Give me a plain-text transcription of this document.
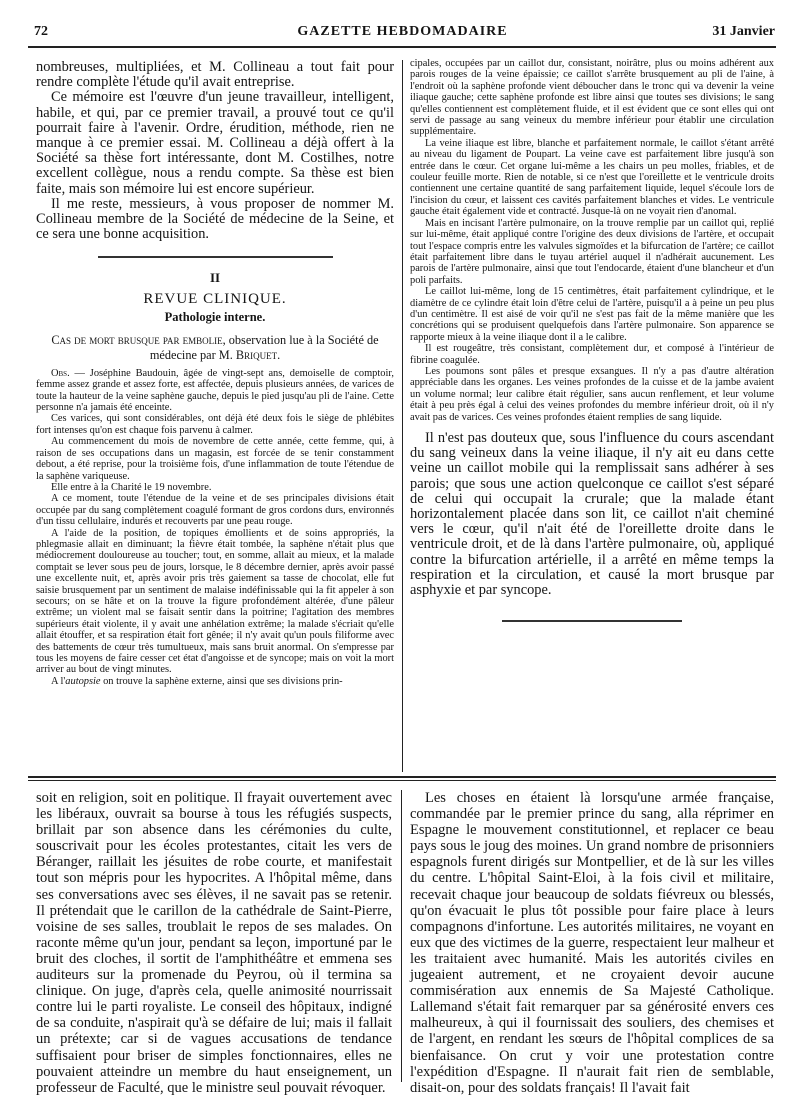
72	GAZETTE HEBDOMADAIRE	31 Janvier

nombreuses, multipliées, et M. Collineau a tout fait pour rendre complète l'étude qu'il avait entreprise.

Ce mémoire est l'œuvre d'un jeune travailleur, intelligent, habile, et qui, par ce premier travail, a prouvé tout ce qu'il pourrait faire à l'avenir. Ordre, érudition, méthode, rien ne manque à ce premier essai. M. Collineau a déjà offert à la Société sa thèse fort intéressante, dont M. Costilhes, notre excellent collègue, nous a rendu compte. Sa thèse est bien faite, mais son mémoire lui est encore supérieur.

Il me reste, messieurs, à vous proposer de nommer M. Collineau membre de la Société de médecine de la Seine, et ce sera une bonne acquisition.

II
REVUE CLINIQUE.
Pathologie interne.
Cas de mort brusque par embolie, observation lue à la Société de médecine par M. Briquet.

Obs. — Joséphine Baudouin, âgée de vingt-sept ans, demoiselle de comptoir, femme assez grande et assez forte, est affectée, depuis plusieurs années, de varices de toute la hauteur de la veine saphène gauche, depuis le pied jusqu'au pli de l'aine. Cette personne n'a jamais été enceinte.

Ces varices, qui sont considérables, ont déjà été deux fois le siège de phlébites fort intenses qu'on est chaque fois parvenu à calmer.

Au commencement du mois de novembre de cette année, cette femme, qui, à raison de ses occupations dans un magasin, est forcée de se tenir constamment debout, a été reprise, pour la troisième fois, d'une inflammation de toute l'étendue de la saphène variqueuse.

Elle entre à la Charité le 19 novembre.

A ce moment, toute l'étendue de la veine et de ses principales divisions était occupée par du sang complètement coagulé formant de gros cordons durs, environnés d'un tissu cellulaire, indurés et recouverts par une peau rouge.

A l'aide de la position, de topiques émollients et de soins appropriés, la phlegmasie allait en diminuant; la fièvre était tombée, la saphène n'était plus que médiocrement douloureuse au toucher; tout, en somme, allait au mieux, et la malade comptait se lever sous peu de jours, lorsque, le 8 décembre dernier, après avoir passé une excellente nuit, et, après avoir pris très gaiement sa tasse de chocolat, elle fut saisie brusquement par un sentiment de malaise indéfinissable qui la fit appeler à son secours; on se hâte et on la trouve la figure profondément altérée, d'une pâleur extrême; un violent mal se faisait sentir dans la poitrine; l'agitation des membres supérieurs était violente, il y avait une anhélation extrême; la malade s'écriait qu'elle allait étouffer, et sa respiration était fort gênée; il n'y avait qu'un pouls filiforme avec des battements de cœur très tumultueux, mais sans bruit anormal. On s'empresse par tous les moyens de faire cesser cet état d'angoisse et de syncope; mais on voit la mort arriver au bout de vingt minutes.

A l'autopsie on trouve la saphène externe, ainsi que ses divisions prin-

cipales, occupées par un caillot dur, consistant, noirâtre, plus ou moins adhérent aux parois rouges de la veine épaissie; ce caillot s'arrête brusquement au pli de l'aine, à l'endroit où la saphène profonde vient déboucher dans le tronc qui va devenir la veine iliaque gauche; cette saphène profonde est libre ainsi que toutes ses divisions; le sang qu'elles contiennent est complètement fluide, et il est évident que ce sont elles qui ont servi de passage au sang veineux du membre inférieur pour établir une circulation supplémentaire.

La veine iliaque est libre, blanche et parfaitement normale, le caillot s'étant arrêté au niveau du ligament de Poupart. La veine cave est parfaitement libre jusqu'à son entrée dans le cœur. Cet organe lui-même a les chairs un peu molles, friables, et de couleur feuille morte. Rien de notable, si ce n'est que l'oreillette et le ventricule droits contiennent une certaine quantité de sang parfaitement liquide, lequel s'écoule lors de l'incision du cœur, et laissent ces cavités parfaitement blanches et vides. Le ventricule gauche était également vide et contracté. Jusque-là on ne voyait rien d'anomal.

Mais en incisant l'artère pulmonaire, on la trouve remplie par un caillot qui, replié sur lui-même, était appliqué contre l'origine des deux divisions de l'artère, et occupait tout l'espace compris entre les valvules sigmoïdes et la bifurcation de l'artère; ce caillot était parfaitement libre dans le tuyau artériel auquel il n'adhérait aucunement. Les parois de l'artère pulmonaire, ainsi que tout l'endocarde, étaient d'une blancheur et d'un poli parfaits.

Le caillot lui-même, long de 15 centimètres, était parfaitement cylindrique, et le diamètre de ce cylindre était loin d'être celui de l'artère, puisqu'il a à peine un peu plus d'un centimètre. Il est aisé de voir qu'il ne s'est pas fait de la même manière que les concrétions qui se produisent quelquefois dans l'artère pulmonaire. Son apparence se rapporte mieux à la veine iliaque dont il a le calibre.

Il est rougeâtre, très consistant, complètement dur, et composé à l'intérieur de fibrine coagulée.

Les poumons sont pâles et presque exsangues. Il n'y a pas d'autre altération appréciable dans les organes. Les veines profondes de la cuisse et de la jambe avaient un volume normal; leur calibre était régulier, sans aucun renflement, et leur volume était à peu près égal à celui des veines profondes du membre inférieur droit, où il n'y avait pas de varices. Ces veines profondes étaient remplies de sang liquide.

Il n'est pas douteux que, sous l'influence du cours ascendant du sang veineux dans la veine iliaque, il n'y ait eu dans cette veine un caillot mobile qui la remplissait sans adhérer à ses parois; que sous une action quelconque ce caillot s'est séparé de celui qui occupait la crurale; que la malade étant horizontalement placée dans son lit, ce caillot n'ait cheminé vers le cœur, qu'il n'ait été de l'oreillette droite dans le ventricule droit, et de là dans l'artère pulmonaire, où, appliqué contre la bifurcation artérielle, il a arrêté en même temps la respiration et la circulation, et causé la mort brusque par asphyxie et par syncope.

soit en religion, soit en politique. Il frayait ouvertement avec les libéraux, ouvrait sa bourse à tous les réfugiés suspects, brillait par son absence dans les cérémonies du culte, souscrivait pour les écoles protestantes, citait les vers de Béranger, raillait les jésuites de robe courte, et manifestait tout son mépris pour les hypocrites. A l'hôpital même, dans ses conversations avec ses élèves, il ne savait pas se retenir. Il prétendait que le carillon de la cathédrale de Saint-Pierre, voisine de ses salles, troublait le repos de ses malades. On raconte même qu'un jour, pendant sa leçon, importuné par le bruit des cloches, il sortit de l'amphithéâtre et emmena ses auditeurs sur la promenade du Peyrou, où il termina sa clinique. On juge, d'après cela, quelle animosité nourrissait contre lui le parti royaliste. Le conseil des hôpitaux, indigné de sa conduite, n'aspirait qu'à se défaire de lui; mais il fallait un prétexte; car si de vagues accusations de tendance suffisaient pour briser de simples fonctionnaires, elles ne pouvaient atteindre un membre du haut enseignement, un professeur de Faculté, que le ministre seul pouvait révoquer.

Les choses en étaient là lorsqu'une armée française, commandée par le premier prince du sang, alla réprimer en Espagne le mouvement constitutionnel, et replacer ce beau pays sous le joug des moines. Un grand nombre de prisonniers espagnols furent dirigés sur Montpellier, et de là sur les villes du centre. L'hôpital Saint-Eloi, à la fois civil et militaire, recevait chaque jour beaucoup de soldats fiévreux ou blessés, qu'on évacuait le plus tôt possible pour faire place à leurs compagnons d'infortune. Les autorités militaires, ne voyant en eux que des victimes de la guerre, respectaient leur malheur et les traitaient avec humanité. Mais les autorités civiles en jugeaient autrement, et ne croyaient devoir aucune commisération aux ennemis de Sa Majesté Catholique. Lallemand s'était fait remarquer par sa générosité envers ces malheureux, à qui il fournissait des souliers, des chemises et de l'argent, en rendant les sœurs de l'hôpital complices de sa bienfaisance. On crut y voir une protestation contre l'expédition d'Espagne. Il n'aurait fait rien de semblable, disait-on, pour des soldats français! Il l'avait fait
